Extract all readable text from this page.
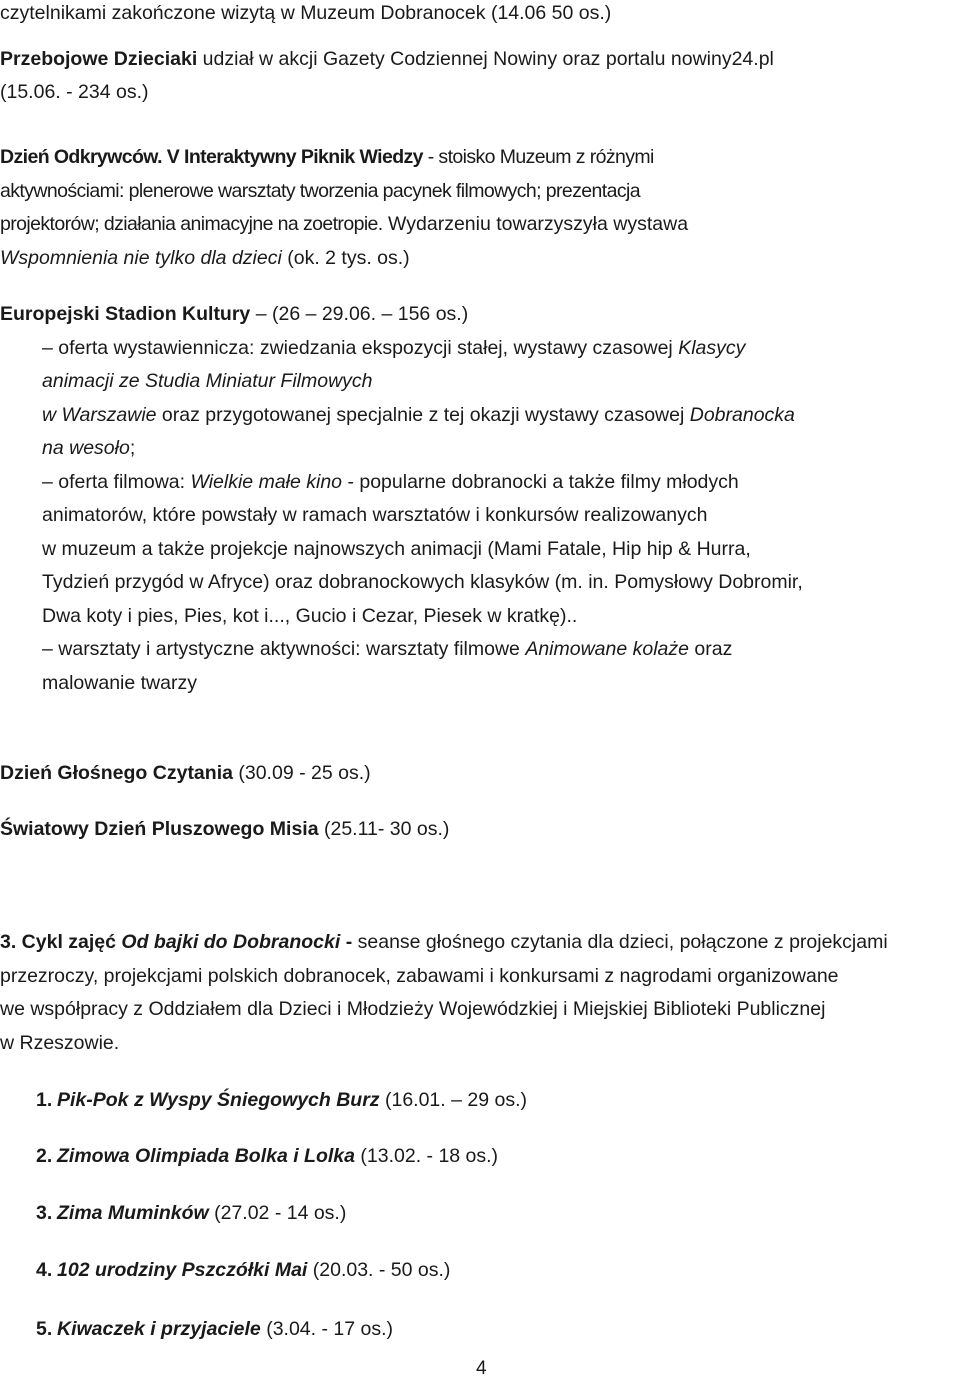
czytelnikami zakończone wizytą w Muzeum Dobranocek (14.06 50 os.)
Przebojowe Dzieciaki udział w akcji Gazety Codziennej Nowiny oraz portalu nowiny24.pl
(15.06. - 234 os.)
Dzień Odkrywców. V Interaktywny Piknik Wiedzy - stoisko Muzeum z różnymi
aktywnościami: plenerowe warsztaty tworzenia pacynek filmowych; prezentacja
projektorów; działania animacyjne na zoetropie. Wydarzeniu towarzyszyła wystawa
Wspomnienia nie tylko dla dzieci (ok. 2 tys. os.)
Europejski Stadion Kultury – (26 – 29.06. – 156 os.)
– oferta wystawiennicza: zwiedzania ekspozycji stałej, wystawy czasowej Klasycy
animacji ze Studia Miniatur Filmowych
w Warszawie oraz przygotowanej specjalnie z tej okazji wystawy czasowej Dobranocka
na wesoło;
– oferta filmowa: Wielkie małe kino - popularne dobranocki a także filmy młodych
animatorów, które powstały w ramach warsztatów i konkursów realizowanych
w muzeum a także projekcje najnowszych animacji (Mami Fatale, Hip hip & Hurra,
Tydzień przygód w Afryce) oraz dobranockowych klasyków (m. in. Pomysłowy Dobromir,
Dwa koty i pies, Pies, kot i..., Gucio i Cezar, Piesek w kratkę)..
– warsztaty i artystyczne aktywności: warsztaty filmowe Animowane kolaże oraz
malowanie twarzy
Dzień Głośnego Czytania (30.09 - 25 os.)
Światowy Dzień Pluszowego Misia (25.11- 30 os.)
3. Cykl zajęć Od bajki do Dobranocki - seanse głośnego czytania dla dzieci, połączone z projekcjami
przezroczy, projekcjami polskich dobranocek, zabawami i konkursami z nagrodami organizowane
we współpracy z Oddziałem dla Dzieci i Młodzieży Wojewódzkiej i Miejskiej Biblioteki Publicznej
w Rzeszowie.
1. Pik-Pok z Wyspy Śniegowych Burz (16.01. – 29 os.)
2. Zimowa Olimpiada Bolka i Lolka (13.02. - 18 os.)
3. Zima Muminków (27.02 - 14 os.)
4. 102 urodziny Pszczółki Mai (20.03. - 50 os.)
5. Kiwaczek i przyjaciele (3.04. - 17 os.)
4
